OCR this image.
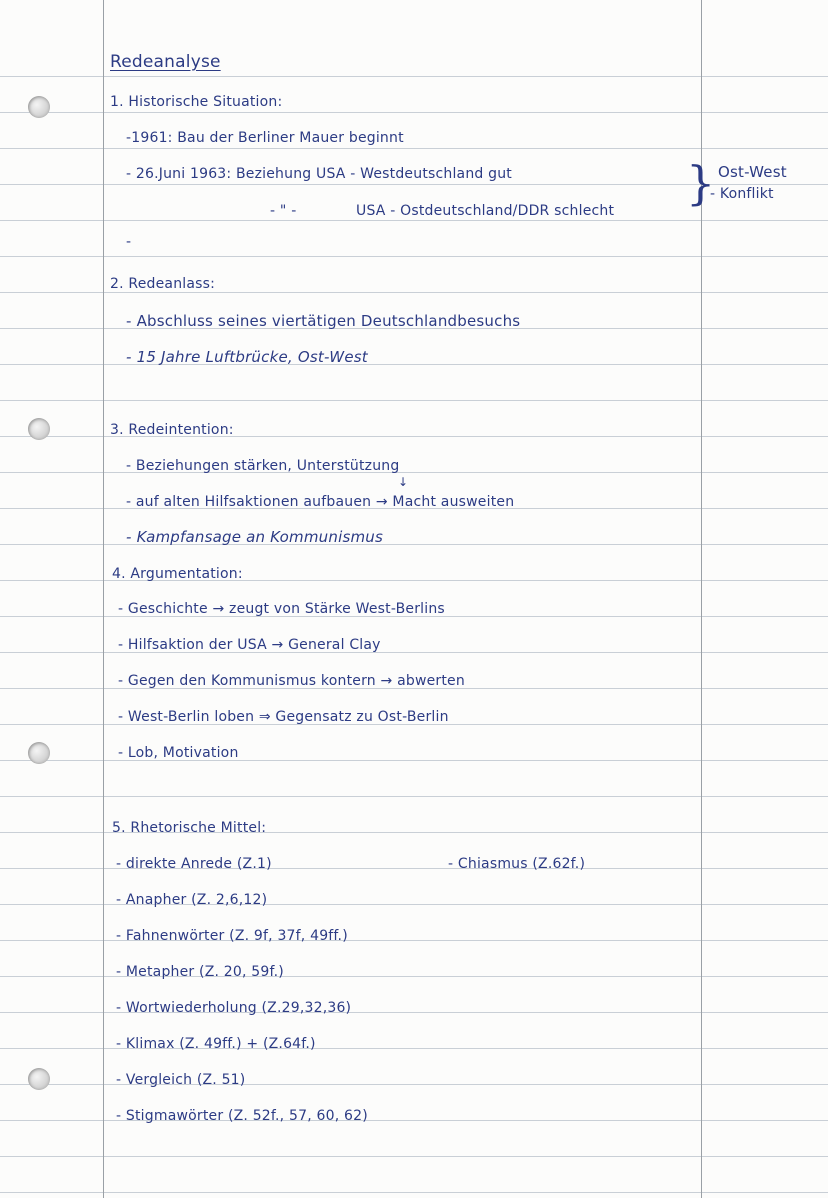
Redeanalyse
1. Historische Situation:
-1961: Bau der Berliner Mauer beginnt
- 26.Juni 1963: Beziehung USA - Westdeutschland gut
- " -	USA - Ostdeutschland/DDR schlecht
-
} Ost-West
- Konflikt
2. Redeanlass:
- Abschluss seines viertätigen Deutschlandbesuchs
- 15 Jahre Luftbrücke, Ost-West
3. Redeintention:
- Beziehungen stärken, Unterstützung
↓
- auf alten Hilfsaktionen aufbauen → Macht ausweiten
- Kampfansage an Kommunismus
4. Argumentation:
- Geschichte → zeugt von Stärke West-Berlins
- Hilfsaktion der USA → General Clay
- Gegen den Kommunismus kontern → abwerten
- West-Berlin loben ⇒ Gegensatz zu Ost-Berlin
- Lob, Motivation
5. Rhetorische Mittel:
- direkte Anrede (Z.1)	- Chiasmus (Z.62f.)
- Anapher (Z. 2,6,12)
- Fahnenwörter (Z. 9f, 37f, 49ff.)
- Metapher (Z. 20, 59f.)
- Wortwiederholung (Z.29,32,36)
- Klimax (Z. 49ff.) + (Z.64f.)
- Vergleich (Z. 51)
- Stigmawörter (Z. 52f., 57, 60, 62)
